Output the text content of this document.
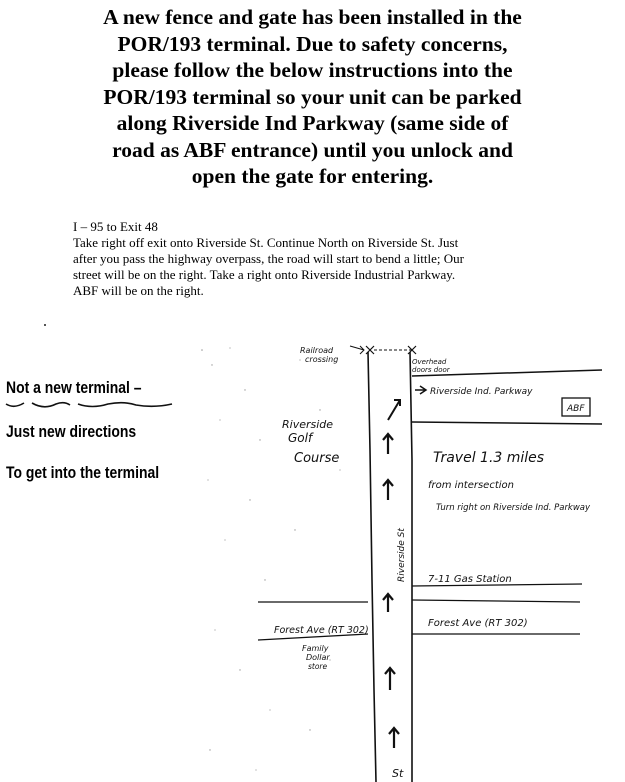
A new fence and gate has been installed in the
POR/193 terminal. Due to safety concerns,
please follow the below instructions into the
POR/193 terminal so your unit can be parked
along Riverside Ind Parkway (same side of
road as ABF entrance) until you unlock and
open the gate for entering.
I – 95 to Exit 48
Take right off exit onto Riverside St. Continue North on Riverside St. Just
after you pass the highway overpass, the road will start to bend a little; Our
street will be on the right. Take a right onto Riverside Industrial Parkway.
ABF will be on the right.
Not a new terminal –
Just new directions
To get into the terminal
Railroad
crossing	Overhead
doors door
Riverside Ind. Parkway
ABF
Riverside
Golf
Course
Riverside St
Travel 1.3 miles
from intersection
Turn right on Riverside Ind. Parkway
7-11 Gas Station
Forest Ave (RT 302)
Forest Ave (RT 302)
Family
Dollar
store
St
